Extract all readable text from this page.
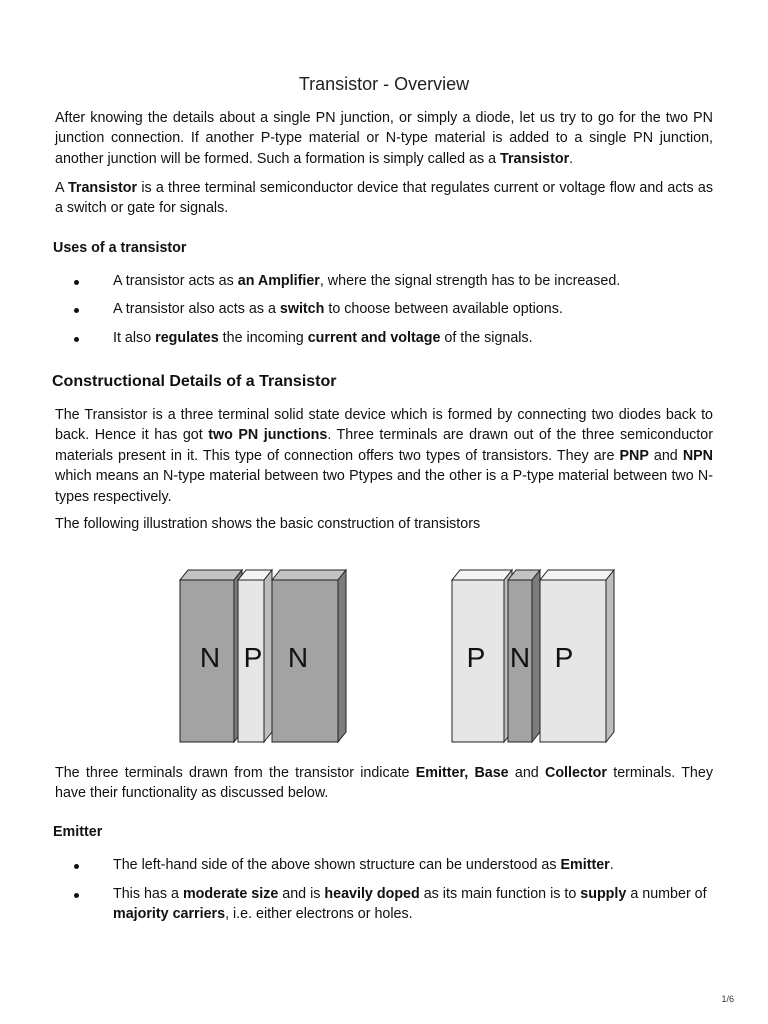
Transistor - Overview

After knowing the details about a single PN junction, or simply a diode, let us try to go for the two PN junction connection. If another P-type material or N-type material is added to a single PN junction, another junction will be formed. Such a formation is simply called as a Transistor.

A Transistor is a three terminal semiconductor device that regulates current or voltage flow and acts as a switch or gate for signals.

Uses of a transistor
A transistor acts as an Amplifier, where the signal strength has to be increased.
A transistor also acts as a switch to choose between available options.
It also regulates the incoming current and voltage of the signals.
Constructional Details of a Transistor

The Transistor is a three terminal solid state device which is formed by connecting two diodes back to back. Hence it has got two PN junctions. Three terminals are drawn out of the three semiconductor materials present in it. This type of connection offers two types of transistors. They are PNP and NPN which means an N-type material between two Ptypes and the other is a P-type material between two N-types respectively.

The following illustration shows the basic construction of transistors

N P N	P N P

The three terminals drawn from the transistor indicate Emitter, Base and Collector terminals. They have their functionality as discussed below.

Emitter
The left-hand side of the above shown structure can be understood as Emitter.
This has a moderate size and is heavily doped as its main function is to supply a number of majority carriers, i.e. either electrons or holes.
1/6
